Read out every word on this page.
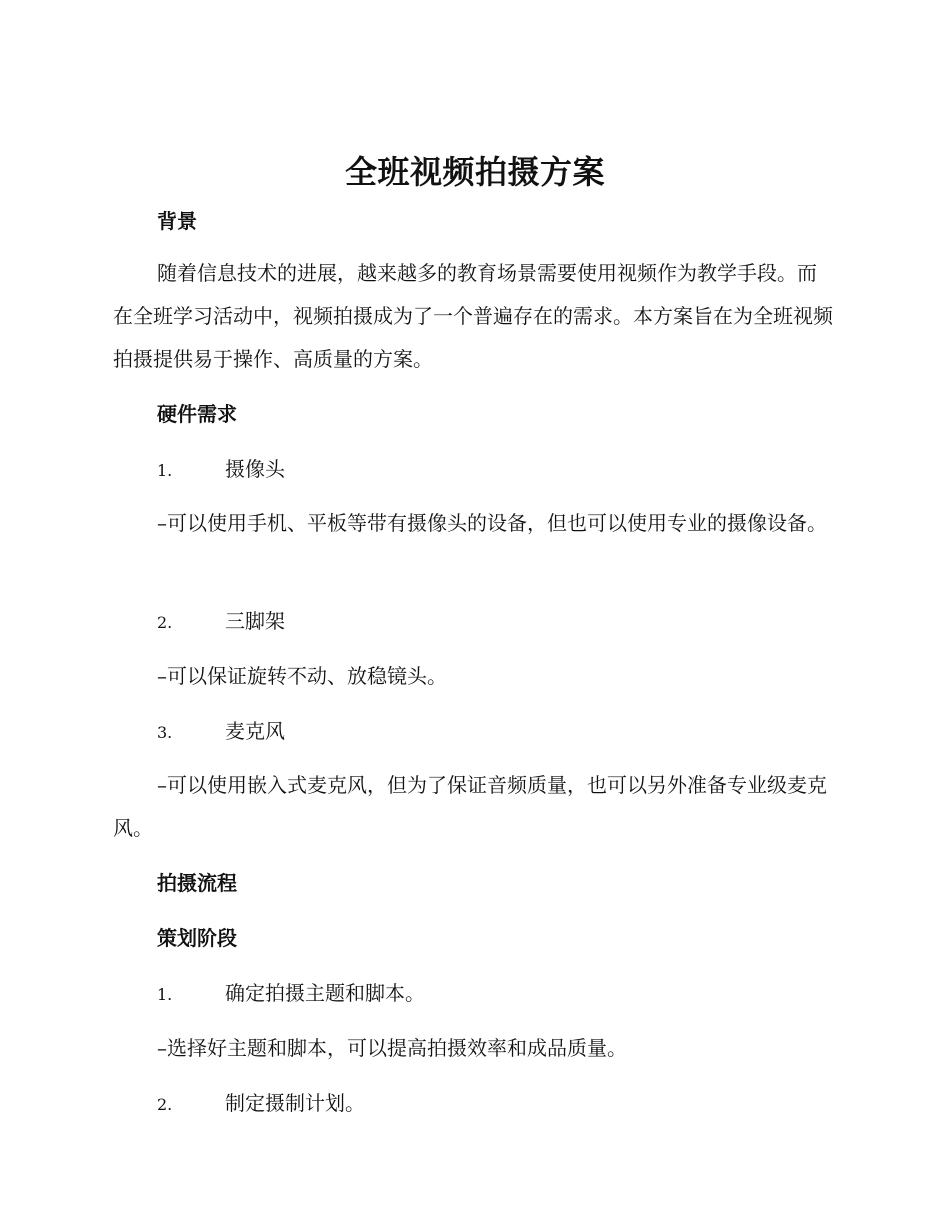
全班视频拍摄方案
背景

随着信息技术的进展，越来越多的教育场景需要使用视频作为教学手段。而在全班学习活动中，视频拍摄成为了一个普遍存在的需求。本方案旨在为全班视频拍摄提供易于操作、高质量的方案。

硬件需求
1.	摄像头

–可以使用手机、平板等带有摄像头的设备，但也可以使用专业的摄像设备。

2.	三脚架
–可以保证旋转不动、放稳镜头。
3.	麦克风

–可以使用嵌入式麦克风，但为了保证音频质量，也可以另外准备专业级麦克风。

拍摄流程
策划阶段
1.	确定拍摄主题和脚本。
–选择好主题和脚本，可以提高拍摄效率和成品质量。
2.	制定摄制计划。
